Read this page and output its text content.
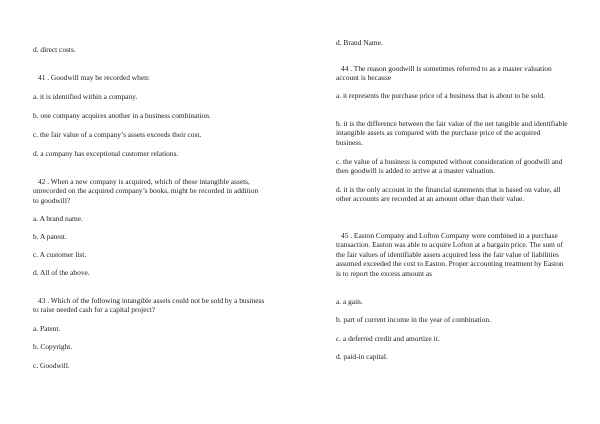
d. direct costs.

41 . Goodwill may be recorded when:

a. it is identified within a company.

b. one company acquires another in a business combination.

c. the fair value of a company’s assets exceeds their cost.

d. a company has exceptional customer relations.

42 . When a new company is acquired, which of these intangible assets, unrecorded on the acquired company’s books, might be recorded in addition to goodwill?

a. A brand name.

b. A patent.

c. A customer list.

d. All of the above.

43 . Which of the following intangible assets could not be sold by a business to raise needed cash for a capital project?

a. Patent.

b. Copyright.

c. Goodwill.

d. Brand Name.

44 . The reason goodwill is sometimes referred to as a master valuation account is because

a. it represents the purchase price of a business that is about to be sold.

b. it is the difference between the fair value of the net tangible and identifiable intangible assets as compared with the purchase price of the acquired business.

c. the value of a business is computed without consideration of goodwill and then goodwill is added to arrive at a master valuation.

d. it is the only account in the financial statements that is based on value, all other accounts are recorded at an amount other than their value.

45 . Easton Company and Lofton Company were combined in a purchase transaction. Easton was able to acquire Lofton at a bargain price. The sum of the fair values of identifiable assets acquired less the fair value of liabilities assumed exceeded the cost to Easton. Proper accounting treatment by Easton is to report the excess amount as

a. a gain.

b. part of current income in the year of combination.

c. a deferred credit and amortize it.

d. paid-in capital.
